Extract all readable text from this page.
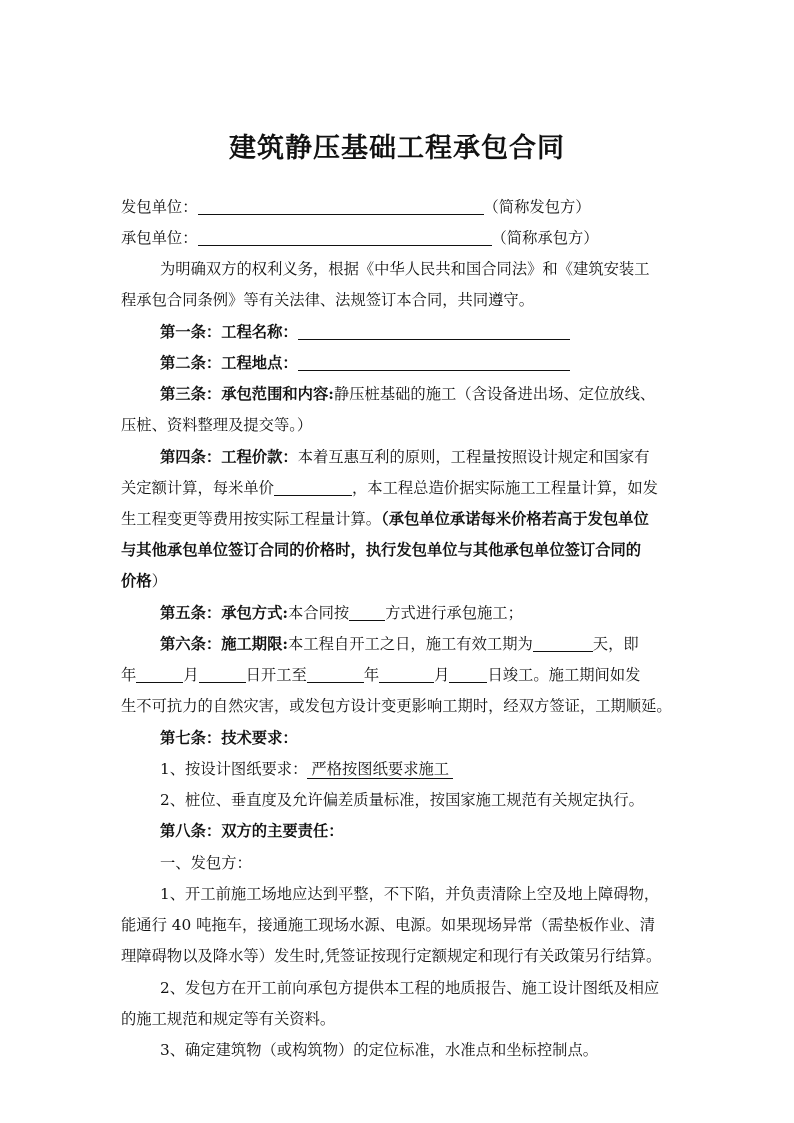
建筑静压基础工程承包合同
发包单位：	（简称发包方）
承包单位：	（简称承包方）
为明确双方的权利义务，根据《中华人民共和国合同法》和《建筑安装工
程承包合同条例》等有关法律、法规签订本合同，共同遵守。
第一条：工程名称：
第二条：工程地点：
第三条：承包范围和内容:静压桩基础的施工（含设备进出场、定位放线、
压桩、资料整理及提交等。）
第四条：工程价款：本着互惠互利的原则，工程量按照设计规定和国家有
关定额计算，每米单价	，本工程总造价据实际施工工程量计算，如发
生工程变更等费用按实际工程量计算。（承包单位承诺每米价格若高于发包单位
与其他承包单位签订合同的价格时，执行发包单位与其他承包单位签订合同的
价格）
第五条：承包方式:本合同按 方式进行承包施工；
第六条：施工期限:本工程自开工之日，施工有效工期为	天，即
年	月	日开工至	年	月 日竣工。施工期间如发
生不可抗力的自然灾害，或发包方设计变更影响工期时，经双方签证，工期顺延。
第七条：技术要求：
1、按设计图纸要求： 严格按图纸要求施工
2、桩位、垂直度及允许偏差质量标准，按国家施工规范有关规定执行。
第八条：双方的主要责任：
一、发包方：
1、开工前施工场地应达到平整，不下陷，并负责清除上空及地上障碍物，
能通行 40 吨拖车，接通施工现场水源、电源。如果现场异常（需垫板作业、清
理障碍物以及降水等）发生时,凭签证按现行定额规定和现行有关政策另行结算。
2、发包方在开工前向承包方提供本工程的地质报告、施工设计图纸及相应
的施工规范和规定等有关资料。
3、确定建筑物（或构筑物）的定位标准，水准点和坐标控制点。
